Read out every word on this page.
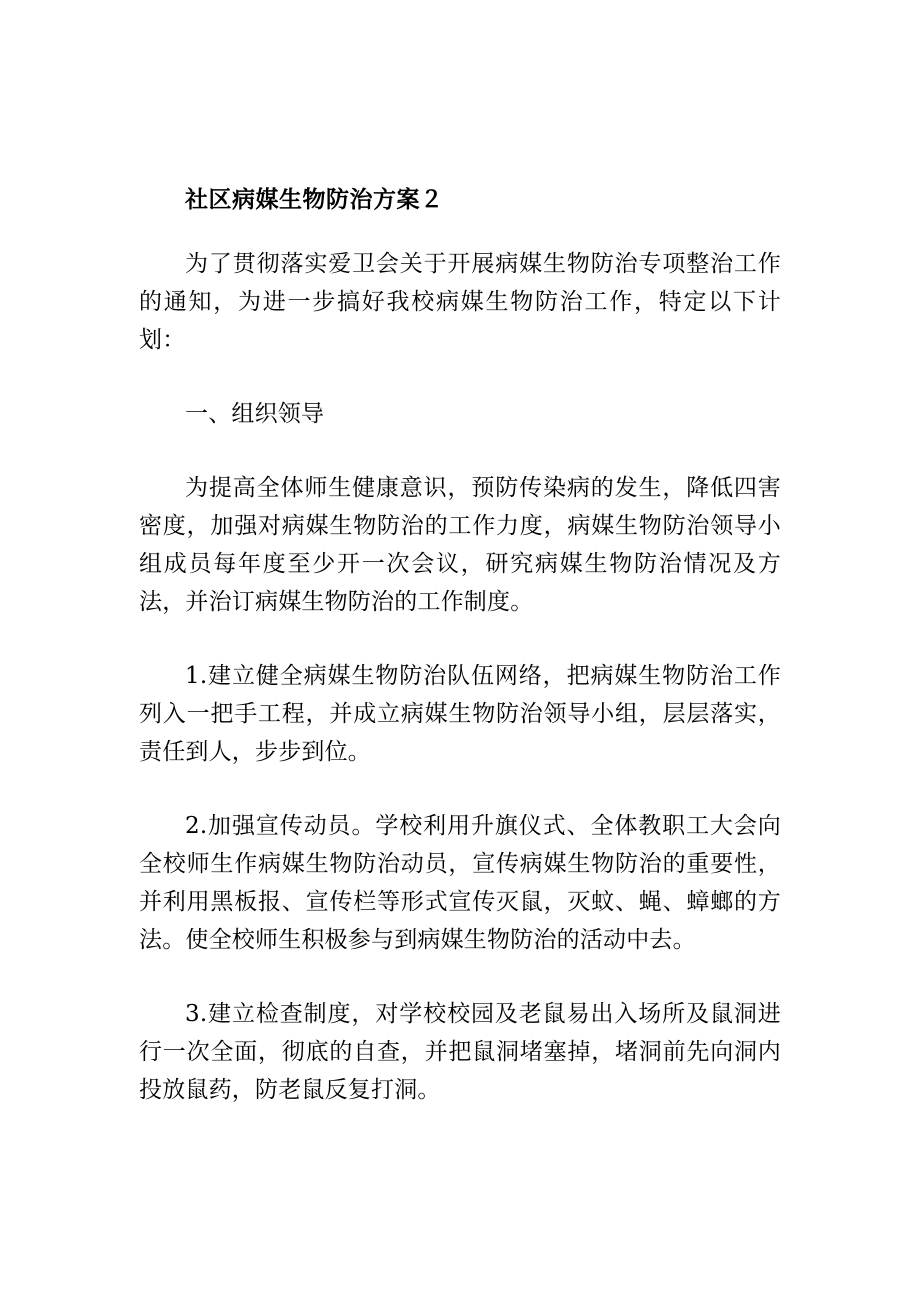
社区病媒生物防治方案２

为了贯彻落实爱卫会关于开展病媒生物防治专项整治工作的通知，为进一步搞好我校病媒生物防治工作，特定以下计划：

一、组织领导

为提高全体师生健康意识，预防传染病的发生，降低四害密度，加强对病媒生物防治的工作力度，病媒生物防治领导小组成员每年度至少开一次会议，研究病媒生物防治情况及方法，并治订病媒生物防治的工作制度。

1.建立健全病媒生物防治队伍网络，把病媒生物防治工作列入一把手工程，并成立病媒生物防治领导小组，层层落实，责任到人，步步到位。

2.加强宣传动员。学校利用升旗仪式、全体教职工大会向全校师生作病媒生物防治动员，宣传病媒生物防治的重要性，并利用黑板报、宣传栏等形式宣传灭鼠，灭蚊、蝇、蟑螂的方法。使全校师生积极参与到病媒生物防治的活动中去。

3.建立检查制度，对学校校园及老鼠易出入场所及鼠洞进行一次全面，彻底的自查，并把鼠洞堵塞掉，堵洞前先向洞内投放鼠药，防老鼠反复打洞。
